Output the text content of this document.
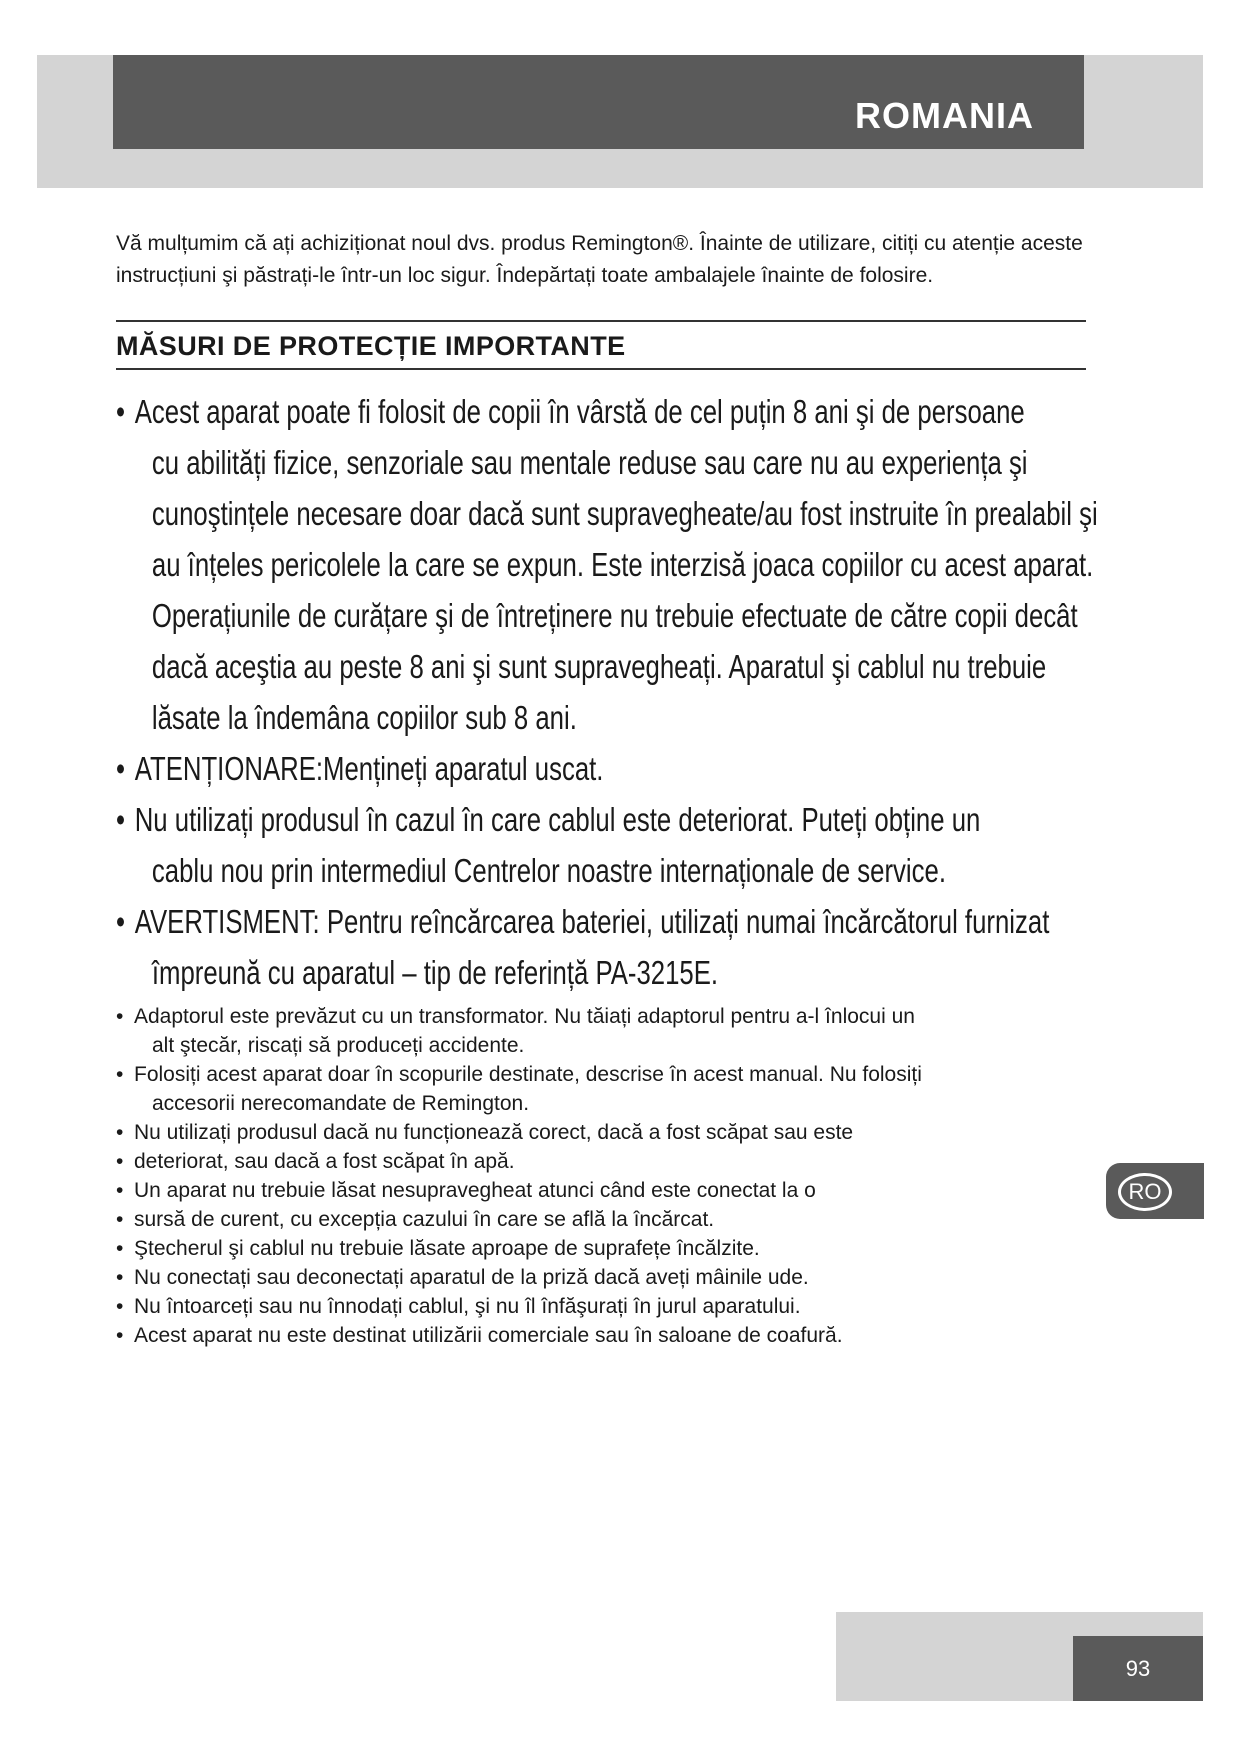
ROMANIA

Vă mulțumim că ați achiziționat noul dvs. produs Remington®. Înainte de utilizare, citiți cu atenție aceste instrucțiuni şi păstrați-le într-un loc sigur. Îndepărtați toate ambalajele înainte de folosire.

MĂSURI DE PROTECȚIE IMPORTANTE
• Acest aparat poate fi folosit de copii în vârstă de cel puțin 8 ani şi de persoane
cu abilități fizice, senzoriale sau mentale reduse sau care nu au experiența şi cunoştințele necesare doar dacă sunt supravegheate/au fost instruite în prealabil şi au înțeles pericolele la care se expun. Este interzisă joaca copiilor cu acest aparat. Operațiunile de curățare şi de întreținere nu trebuie efectuate de către copii decât dacă aceştia au peste 8 ani şi sunt supravegheați. Aparatul şi cablul nu trebuie lăsate la îndemâna copiilor sub 8 ani.
• ATENȚIONARE:Mențineți aparatul uscat.
• Nu utilizați produsul în cazul în care cablul este deteriorat. Puteți obține un
cablu nou prin intermediul Centrelor noastre internaționale de service.
• AVERTISMENT: Pentru reîncărcarea bateriei, utilizați numai încărcătorul furnizat
împreună cu aparatul – tip de referință PA-3215E.
• Adaptorul este prevăzut cu un transformator. Nu tăiați adaptorul pentru a-l înlocui un
alt ştecăr, riscați să produceți accidente.
• Folosiți acest aparat doar în scopurile destinate, descrise în acest manual. Nu folosiți
accesorii nerecomandate de Remington.
• Nu utilizați produsul dacă nu funcționează corect, dacă a fost scăpat sau este
• deteriorat, sau dacă a fost scăpat în apă.
• Un aparat nu trebuie lăsat nesupravegheat atunci când este conectat la o
• sursă de curent, cu excepția cazului în care se află la încărcat.
• Ştecherul şi cablul nu trebuie lăsate aproape de suprafețe încălzite.
• Nu conectați sau deconectați aparatul de la priză dacă aveți mâinile ude.
• Nu întoarceți sau nu înnodați cablul, şi nu îl înfăşurați în jurul aparatului.
• Acest aparat nu este destinat utilizării comerciale sau în saloane de coafură.
RO
93
